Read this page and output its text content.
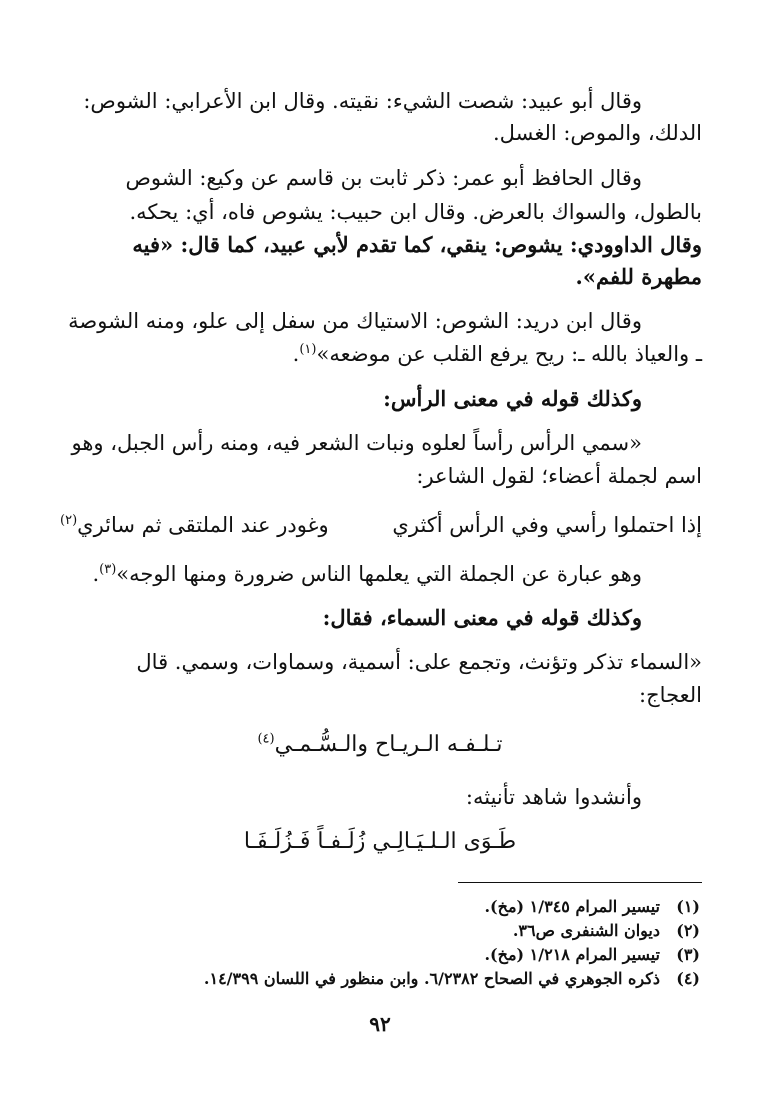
وقال أبو عبيد: شصت الشيء: نقيته. وقال ابن الأعرابي: الشوص:
الدلك، والموص: الغسل.
وقال الحافظ أبو عمر: ذكر ثابت بن قاسم عن وكيع: الشوص
بالطول، والسواك بالعرض. وقال ابن حبيب: يشوص فاه، أي: يحكه.
وقال الداوودي: يشوص: ينقي، كما تقدم لأبي عبيد، كما قال: «فيه
مطهرة للفم».
وقال ابن دريد: الشوص: الاستياك من سفل إلى علو، ومنه الشوصة
ـ والعياذ بالله ـ: ريح يرفع القلب عن موضعه»$^{(١)}$.
وكذلك قوله في معنى الرأس:
«سمي الرأس رأساً لعلوه ونبات الشعر فيه، ومنه رأس الجبل، وهو
اسم لجملة أعضاء؛ لقول الشاعر:
إذا احتملوا رأسي وفي الرأس أكثري
وغودر عند الملتقى ثم سائري$^{(٢)}$
وهو عبارة عن الجملة التي يعلمها الناس ضرورة ومنها الوجه»$^{(٣)}$.
وكذلك قوله في معنى السماء، فقال:
«السماء تذكر وتؤنث، وتجمع على: أسمية، وسماوات، وسمي. قال
العجاج:
تـلـفـه الـريـاح والـسُّـمـي$^{(٤)}$
وأنشدوا شاهد تأنيثه:
طَـوَى الـلـيَـالِـي زُلَـفـاً فَـزُلَـفَـا
(١)تيسير المرام ١/٣٤٥ (مخ).
(٢)ديوان الشنفرى ص٣٦.
(٣)تيسير المرام ١/٢١٨ (مخ).
(٤)ذكره الجوهري في الصحاح ٦/٢٣٨٢. وابن منظور في اللسان ١٤/٣٩٩.
٩٢
